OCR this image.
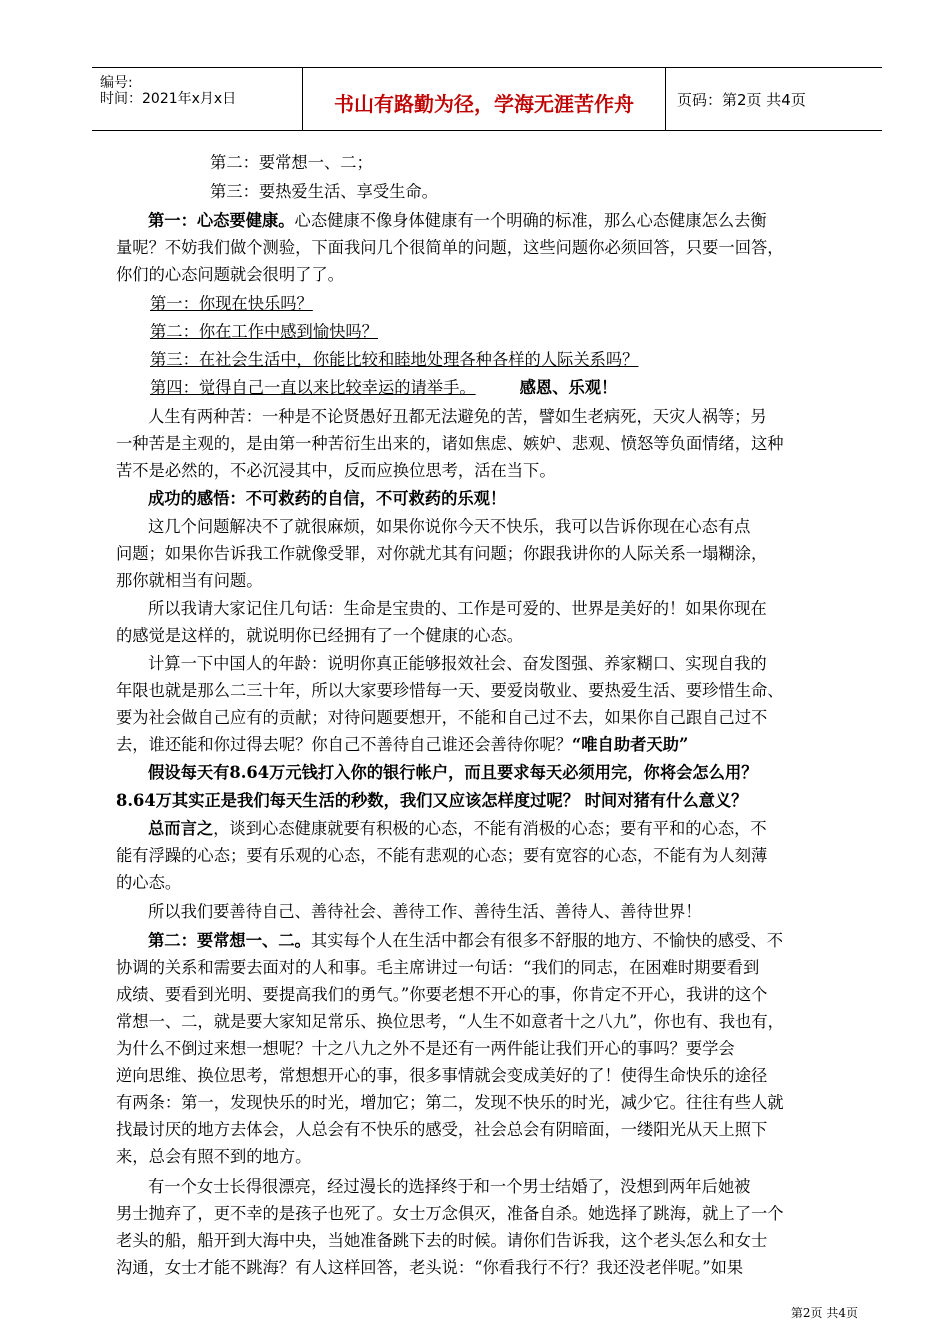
编号:
时间：2021年x月x日	书山有路勤为径，学海无涯苦作舟	页码：第2页 共4页
第二：要常想一、二；
第三：要热爱生活、享受生命。
第一：心态要健康。心态健康不像身体健康有一个明确的标准，那么心态健康怎么去衡
量呢？不妨我们做个测验，下面我问几个很简单的问题，这些问题你必须回答，只要一回答，
你们的心态问题就会很明了了。
第一：你现在快乐吗？
第二：你在工作中感到愉快吗？
第三：在社会生活中，你能比较和睦地处理各种各样的人际关系吗？
第四：觉得自己一直以来比较幸运的请举手。	感恩、乐观！
人生有两种苦：一种是不论贤愚好丑都无法避免的苦，譬如生老病死，天灾人祸等；另
一种苦是主观的，是由第一种苦衍生出来的，诸如焦虑、嫉妒、悲观、愤怒等负面情绪，这种
苦不是必然的，不必沉浸其中，反而应换位思考，活在当下。
成功的感悟：不可救药的自信，不可救药的乐观！
这几个问题解决不了就很麻烦，如果你说你今天不快乐，我可以告诉你现在心态有点
问题；如果你告诉我工作就像受罪，对你就尤其有问题；你跟我讲你的人际关系一塌糊涂，
那你就相当有问题。
所以我请大家记住几句话：生命是宝贵的、工作是可爱的、世界是美好的！如果你现在
的感觉是这样的，就说明你已经拥有了一个健康的心态。
计算一下中国人的年龄：说明你真正能够报效社会、奋发图强、养家糊口、实现自我的
年限也就是那么二三十年，所以大家要珍惜每一天、要爱岗敬业、要热爱生活、要珍惜生命、
要为社会做自己应有的贡献；对待问题要想开，不能和自己过不去，如果你自己跟自己过不
去，谁还能和你过得去呢？你自己不善待自己谁还会善待你呢？“唯自助者天助”
假设每天有8.64万元钱打入你的银行帐户，而且要求每天必须用完，你将会怎么用？
8.64万其实正是我们每天生活的秒数，我们又应该怎样度过呢？ 时间对猪有什么意义？
总而言之，谈到心态健康就要有积极的心态，不能有消极的心态；要有平和的心态，不
能有浮躁的心态；要有乐观的心态，不能有悲观的心态；要有宽容的心态，不能有为人刻薄
的心态。
所以我们要善待自己、善待社会、善待工作、善待生活、善待人、善待世界！
第二：要常想一、二。其实每个人在生活中都会有很多不舒服的地方、不愉快的感受、不
协调的关系和需要去面对的人和事。毛主席讲过一句话：“我们的同志，在困难时期要看到
成绩、要看到光明、要提高我们的勇气。”你要老想不开心的事，你肯定不开心，我讲的这个
常想一、二，就是要大家知足常乐、换位思考，“人生不如意者十之八九”，你也有、我也有，
为什么不倒过来想一想呢？十之八九之外不是还有一两件能让我们开心的事吗？要学会
逆向思维、换位思考，常想想开心的事，很多事情就会变成美好的了！使得生命快乐的途径
有两条：第一，发现快乐的时光，增加它；第二，发现不快乐的时光，减少它。往往有些人就
找最讨厌的地方去体会，人总会有不快乐的感受，社会总会有阴暗面，一缕阳光从天上照下
来，总会有照不到的地方。
有一个女士长得很漂亮，经过漫长的选择终于和一个男士结婚了，没想到两年后她被
男士抛弃了，更不幸的是孩子也死了。女士万念俱灭，准备自杀。她选择了跳海，就上了一个
老头的船，船开到大海中央，当她准备跳下去的时候。请你们告诉我，这个老头怎么和女士
沟通，女士才能不跳海？有人这样回答，老头说：“你看我行不行？我还没老伴呢。”如果
第2页 共4页
